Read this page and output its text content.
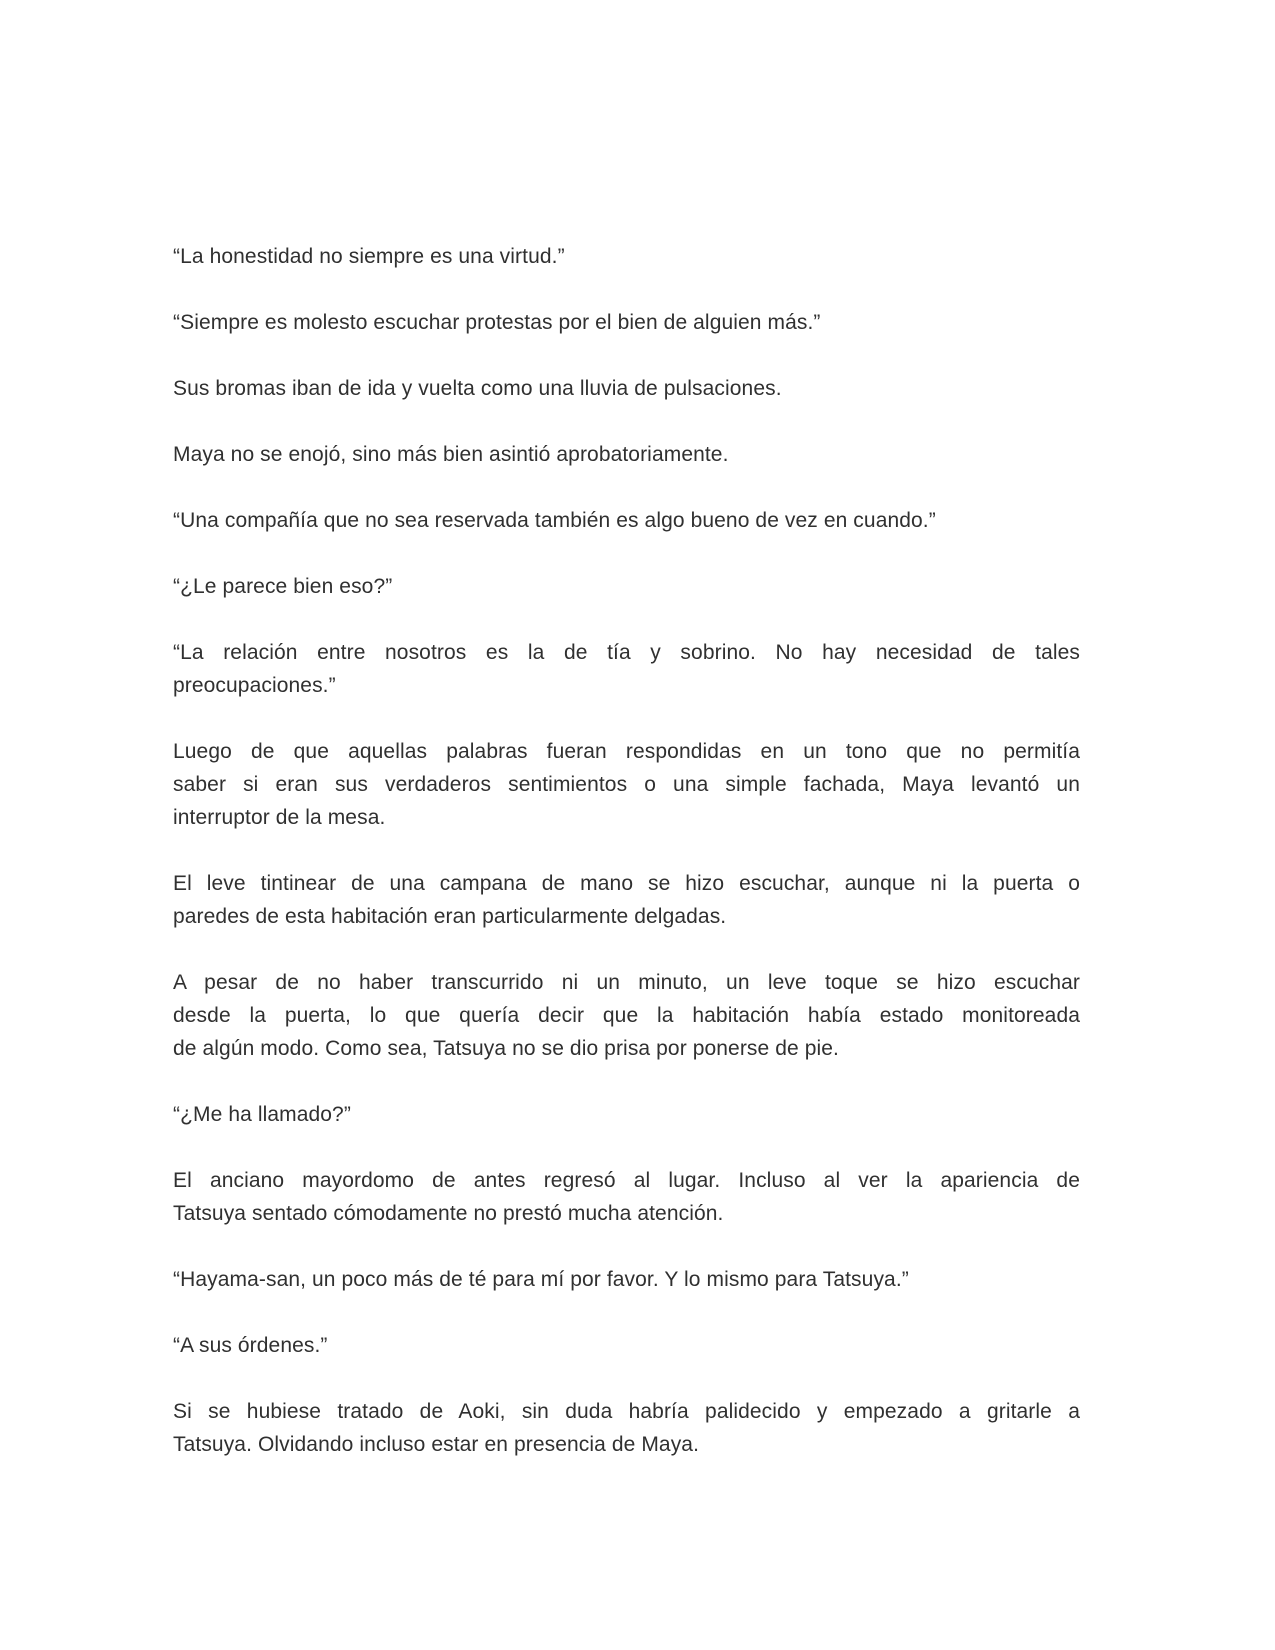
“La honestidad no siempre es una virtud.”
“Siempre es molesto escuchar protestas por el bien de alguien más.”
Sus bromas iban de ida y vuelta como una lluvia de pulsaciones.
Maya no se enojó, sino más bien asintió aprobatoriamente.
“Una compañía que no sea reservada también es algo bueno de vez en cuando.”
“¿Le parece bien eso?”
“La relación entre nosotros es la de tía y sobrino. No hay necesidad de tales
preocupaciones.”
Luego de que aquellas palabras fueran respondidas en un tono que no permitía
saber si eran sus verdaderos sentimientos o una simple fachada, Maya levantó un
interruptor de la mesa.
El leve tintinear de una campana de mano se hizo escuchar, aunque ni la puerta o
paredes de esta habitación eran particularmente delgadas.
A pesar de no haber transcurrido ni un minuto, un leve toque se hizo escuchar
desde la puerta, lo que quería decir que la habitación había estado monitoreada
de algún modo. Como sea, Tatsuya no se dio prisa por ponerse de pie.
“¿Me ha llamado?”
El anciano mayordomo de antes regresó al lugar. Incluso al ver la apariencia de
Tatsuya sentado cómodamente no prestó mucha atención.
“Hayama-san, un poco más de té para mí por favor. Y lo mismo para Tatsuya.”
“A sus órdenes.”
Si se hubiese tratado de Aoki, sin duda habría palidecido y empezado a gritarle a
Tatsuya. Olvidando incluso estar en presencia de Maya.
